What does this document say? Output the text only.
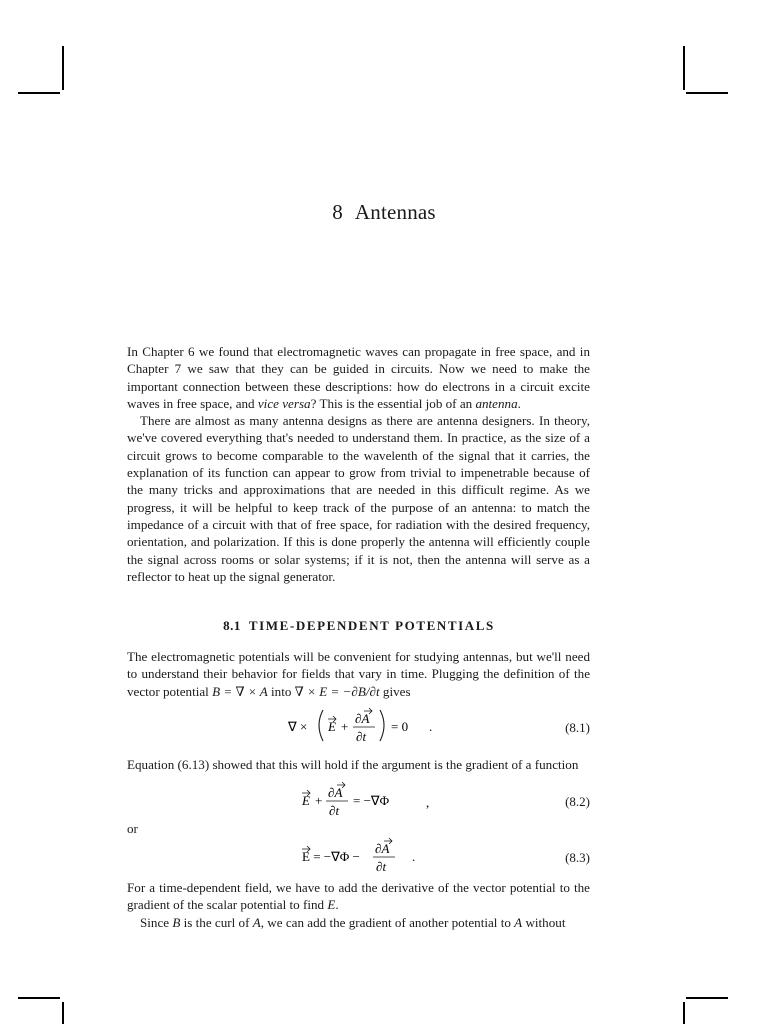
8 Antennas

In Chapter 6 we found that electromagnetic waves can propagate in free space, and in Chapter 7 we saw that they can be guided in circuits. Now we need to make the important connection between these descriptions: how do electrons in a circuit excite waves in free space, and vice versa? This is the essential job of an antenna.

There are almost as many antenna designs as there are antenna designers. In theory, we've covered everything that's needed to understand them. In practice, as the size of a circuit grows to become comparable to the wavelenth of the signal that it carries, the explanation of its function can appear to grow from trivial to impenetrable because of the many tricks and approximations that are needed in this difficult regime. As we progress, it will be helpful to keep track of the purpose of an antenna: to match the impedance of a circuit with that of free space, for radiation with the desired frequency, orientation, and polarization. If this is done properly the antenna will efficiently couple the signal across rooms or solar systems; if it is not, then the antenna will serve as a reflector to heat up the signal generator.

8.1 TIME-DEPENDENT POTENTIALS

The electromagnetic potentials will be convenient for studying antennas, but we'll need to understand their behavior for fields that vary in time. Plugging the definition of the vector potential B = ∇ × A into ∇ × E = −∂B/∂t gives

∇ × E +
∂A
∂t
= 0 .	(8.1)

Equation (6.13) showed that this will hold if the argument is the gradient of a function

E +
∂A
∂t
= −∇Φ	,	(8.2)
or
E = −∇Φ −
∂A
∂t
.	(8.3)

For a time-dependent field, we have to add the derivative of the vector potential to the gradient of the scalar potential to find E.

Since B is the curl of A, we can add the gradient of another potential to A without
